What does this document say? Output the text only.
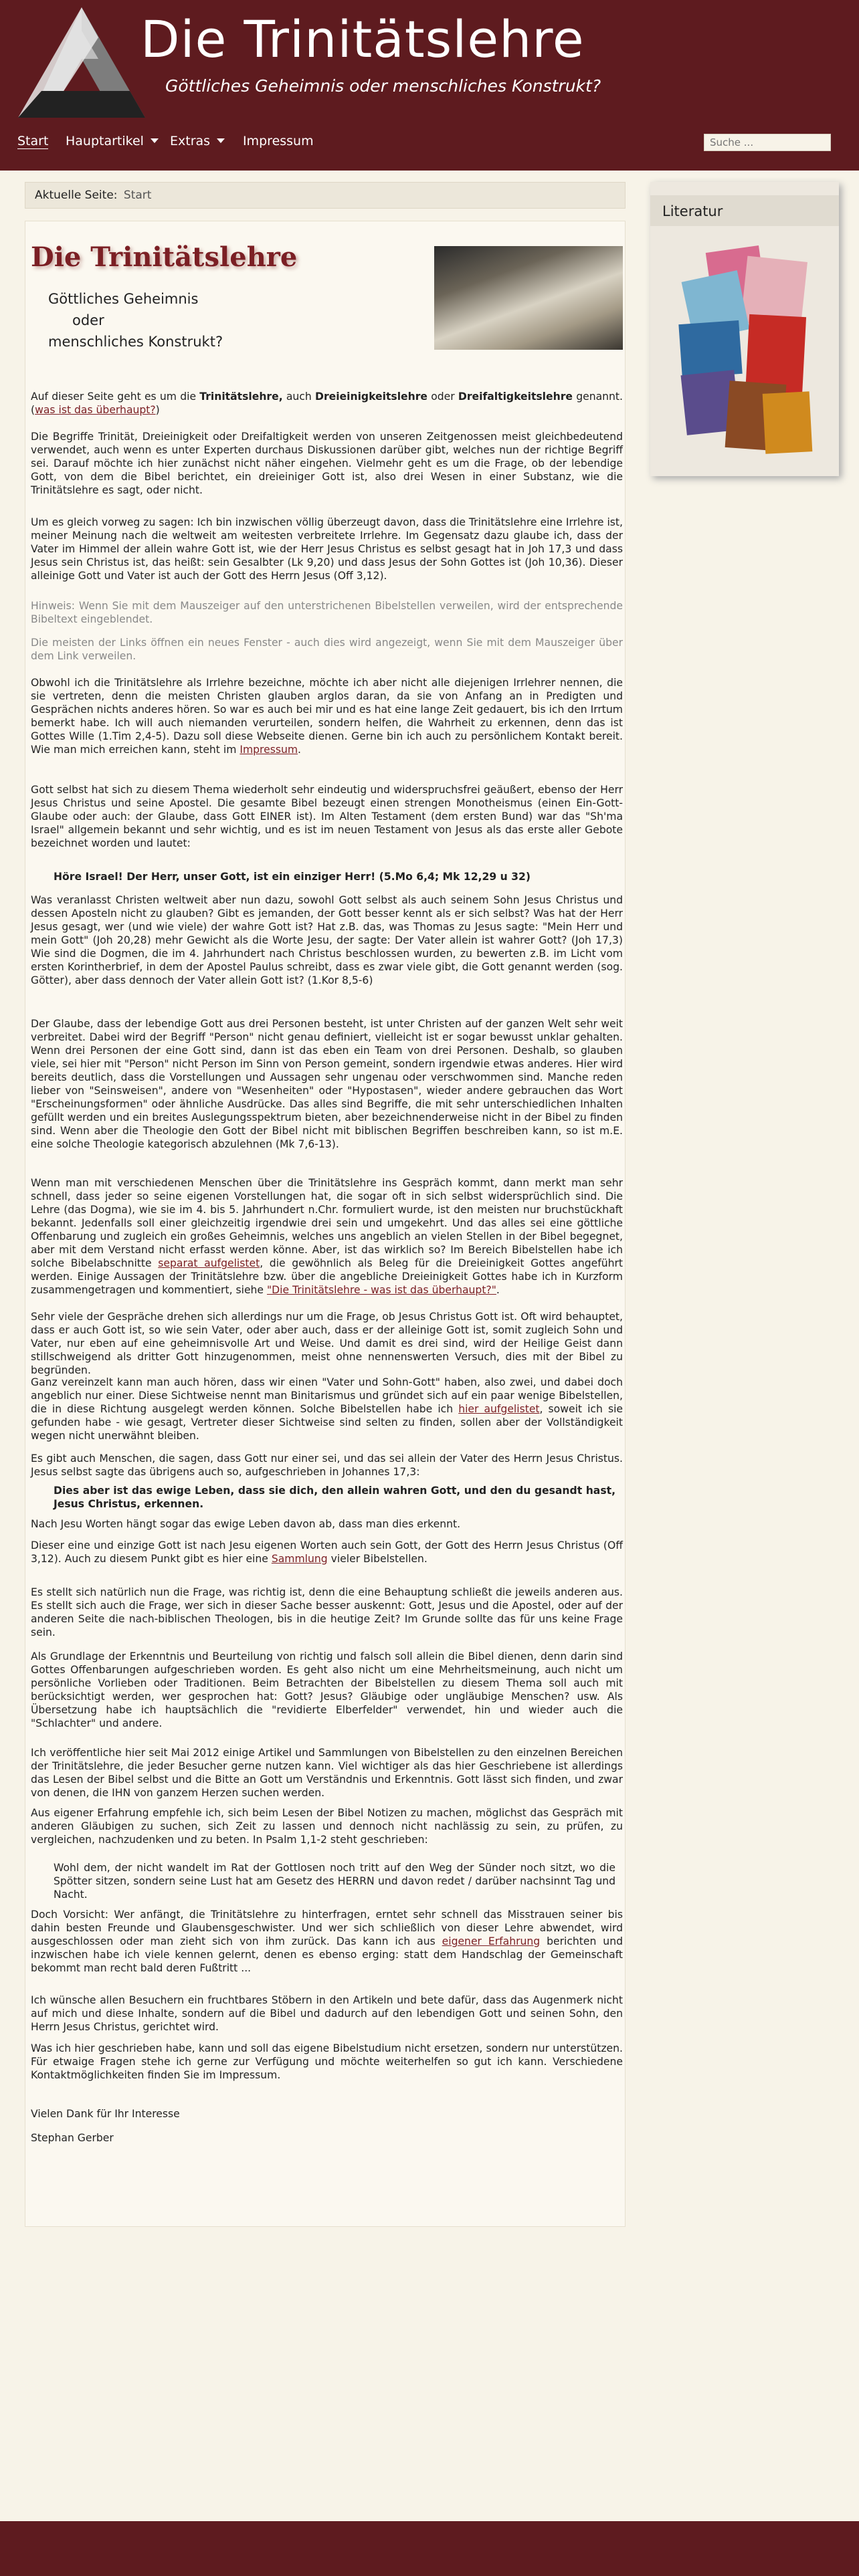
Die Trinitätslehre
Göttliches Geheimnis oder menschliches Konstrukt?
Start Hauptartikel	Extras	Impressum
Suche ...
Aktuelle Seite: Start
Die Trinitätslehre
Göttliches Geheimnis
oder
menschliches Konstrukt?

Auf dieser Seite geht es um die Trinitätslehre, auch Dreieinigkeitslehre oder Dreifaltigkeitslehre genannt. (was ist das überhaupt?)

Die Begriffe Trinität, Dreieinigkeit oder Dreifaltigkeit werden von unseren Zeitgenossen meist gleichbedeutend verwendet, auch wenn es unter Experten durchaus Diskussionen darüber gibt, welches nun der richtige Begriff sei. Darauf möchte ich hier zunächst nicht näher eingehen. Vielmehr geht es um die Frage, ob der lebendige Gott, von dem die Bibel berichtet, ein dreieiniger Gott ist, also drei Wesen in einer Substanz, wie die Trinitätslehre es sagt, oder nicht.

Um es gleich vorweg zu sagen: Ich bin inzwischen völlig überzeugt davon, dass die Trinitätslehre eine Irrlehre ist, meiner Meinung nach die weltweit am weitesten verbreitete Irrlehre. Im Gegensatz dazu glaube ich, dass der Vater im Himmel der allein wahre Gott ist, wie der Herr Jesus Christus es selbst gesagt hat in Joh 17,3 und dass Jesus sein Christus ist, das heißt: sein Gesalbter (Lk 9,20) und dass Jesus der Sohn Gottes ist (Joh 10,36). Dieser alleinige Gott und Vater ist auch der Gott des Herrn Jesus (Off 3,12).

Hinweis: Wenn Sie mit dem Mauszeiger auf den unterstrichenen Bibelstellen verweilen, wird der entsprechende Bibeltext eingeblendet.

Die meisten der Links öffnen ein neues Fenster - auch dies wird angezeigt, wenn Sie mit dem Mauszeiger über dem Link verweilen.

Obwohl ich die Trinitätslehre als Irrlehre bezeichne, möchte ich aber nicht alle diejenigen Irrlehrer nennen, die sie vertreten, denn die meisten Christen glauben arglos daran, da sie von Anfang an in Predigten und Gesprächen nichts anderes hören. So war es auch bei mir und es hat eine lange Zeit gedauert, bis ich den Irrtum bemerkt habe. Ich will auch niemanden verurteilen, sondern helfen, die Wahrheit zu erkennen, denn das ist Gottes Wille (1.Tim 2,4-5). Dazu soll diese Webseite dienen. Gerne bin ich auch zu persönlichem Kontakt bereit. Wie man mich erreichen kann, steht im Impressum.

Gott selbst hat sich zu diesem Thema wiederholt sehr eindeutig und widerspruchsfrei geäußert, ebenso der Herr Jesus Christus und seine Apostel. Die gesamte Bibel bezeugt einen strengen Monotheismus (einen Ein-Gott-Glaube oder auch: der Glaube, dass Gott EINER ist). Im Alten Testament (dem ersten Bund) war das "Sh'ma Israel" allgemein bekannt und sehr wichtig, und es ist im neuen Testament von Jesus als das erste aller Gebote bezeichnet worden und lautet:

Höre Israel! Der Herr, unser Gott, ist ein einziger Herr! (5.Mo 6,4; Mk 12,29 u 32)

Was veranlasst Christen weltweit aber nun dazu, sowohl Gott selbst als auch seinem Sohn Jesus Christus und dessen Aposteln nicht zu glauben? Gibt es jemanden, der Gott besser kennt als er sich selbst? Was hat der Herr Jesus gesagt, wer (und wie viele) der wahre Gott ist? Hat z.B. das, was Thomas zu Jesus sagte: "Mein Herr und mein Gott" (Joh 20,28) mehr Gewicht als die Worte Jesu, der sagte: Der Vater allein ist wahrer Gott? (Joh 17,3) Wie sind die Dogmen, die im 4. Jahrhundert nach Christus beschlossen wurden, zu bewerten z.B. im Licht vom ersten Korintherbrief, in dem der Apostel Paulus schreibt, dass es zwar viele gibt, die Gott genannt werden (sog. Götter), aber dass dennoch der Vater allein Gott ist? (1.Kor 8,5-6)

Der Glaube, dass der lebendige Gott aus drei Personen besteht, ist unter Christen auf der ganzen Welt sehr weit verbreitet. Dabei wird der Begriff "Person" nicht genau definiert, vielleicht ist er sogar bewusst unklar gehalten. Wenn drei Personen der eine Gott sind, dann ist das eben ein Team von drei Personen. Deshalb, so glauben viele, sei hier mit "Person" nicht Person im Sinn von Person gemeint, sondern irgendwie etwas anderes. Hier wird bereits deutlich, dass die Vorstellungen und Aussagen sehr ungenau oder verschwommen sind. Manche reden lieber von "Seinsweisen", andere von "Wesenheiten" oder "Hypostasen", wieder andere gebrauchen das Wort "Erscheinungsformen" oder ähnliche Ausdrücke. Das alles sind Begriffe, die mit sehr unterschiedlichen Inhalten gefüllt werden und ein breites Auslegungsspektrum bieten, aber bezeichnenderweise nicht in der Bibel zu finden sind. Wenn aber die Theologie den Gott der Bibel nicht mit biblischen Begriffen beschreiben kann, so ist m.E. eine solche Theologie kategorisch abzulehnen (Mk 7,6-13).

Wenn man mit verschiedenen Menschen über die Trinitätslehre ins Gespräch kommt, dann merkt man sehr schnell, dass jeder so seine eigenen Vorstellungen hat, die sogar oft in sich selbst widersprüchlich sind. Die Lehre (das Dogma), wie sie im 4. bis 5. Jahrhundert n.Chr. formuliert wurde, ist den meisten nur bruchstückhaft bekannt. Jedenfalls soll einer gleichzeitig irgendwie drei sein und umgekehrt. Und das alles sei eine göttliche Offenbarung und zugleich ein großes Geheimnis, welches uns angeblich an vielen Stellen in der Bibel begegnet, aber mit dem Verstand nicht erfasst werden könne. Aber, ist das wirklich so? Im Bereich Bibelstellen habe ich solche Bibelabschnitte separat aufgelistet, die gewöhnlich als Beleg für die Dreieinigkeit Gottes angeführt werden. Einige Aussagen der Trinitätslehre bzw. über die angebliche Dreieinigkeit Gottes habe ich in Kurzform zusammengetragen und kommentiert, siehe "Die Trinitätslehre - was ist das überhaupt?".

Sehr viele der Gespräche drehen sich allerdings nur um die Frage, ob Jesus Christus Gott ist. Oft wird behauptet, dass er auch Gott ist, so wie sein Vater, oder aber auch, dass er der alleinige Gott ist, somit zugleich Sohn und Vater, nur eben auf eine geheimnisvolle Art und Weise. Und damit es drei sind, wird der Heilige Geist dann stillschweigend als dritter Gott hinzugenommen, meist ohne nennenswerten Versuch, dies mit der Bibel zu begründen.

Ganz vereinzelt kann man auch hören, dass wir einen "Vater und Sohn-Gott" haben, also zwei, und dabei doch angeblich nur einer. Diese Sichtweise nennt man Binitarismus und gründet sich auf ein paar wenige Bibelstellen, die in diese Richtung ausgelegt werden können. Solche Bibelstellen habe ich hier aufgelistet, soweit ich sie gefunden habe - wie gesagt, Vertreter dieser Sichtweise sind selten zu finden, sollen aber der Vollständigkeit wegen nicht unerwähnt bleiben.

Es gibt auch Menschen, die sagen, dass Gott nur einer sei, und das sei allein der Vater des Herrn Jesus Christus. Jesus selbst sagte das übrigens auch so, aufgeschrieben in Johannes 17,3:

Dies aber ist das ewige Leben, dass sie dich, den allein wahren Gott, und den du gesandt hast, Jesus Christus, erkennen.

Nach Jesu Worten hängt sogar das ewige Leben davon ab, dass man dies erkennt.

Dieser eine und einzige Gott ist nach Jesu eigenen Worten auch sein Gott, der Gott des Herrn Jesus Christus (Off 3,12). Auch zu diesem Punkt gibt es hier eine Sammlung vieler Bibelstellen.

Es stellt sich natürlich nun die Frage, was richtig ist, denn die eine Behauptung schließt die jeweils anderen aus. Es stellt sich auch die Frage, wer sich in dieser Sache besser auskennt: Gott, Jesus und die Apostel, oder auf der anderen Seite die nach-biblischen Theologen, bis in die heutige Zeit? Im Grunde sollte das für uns keine Frage sein.

Als Grundlage der Erkenntnis und Beurteilung von richtig und falsch soll allein die Bibel dienen, denn darin sind Gottes Offenbarungen aufgeschrieben worden. Es geht also nicht um eine Mehrheitsmeinung, auch nicht um persönliche Vorlieben oder Traditionen. Beim Betrachten der Bibelstellen zu diesem Thema soll auch mit berücksichtigt werden, wer gesprochen hat: Gott? Jesus? Gläubige oder ungläubige Menschen? usw. Als Übersetzung habe ich hauptsächlich die "revidierte Elberfelder" verwendet, hin und wieder auch die "Schlachter" und andere.

Ich veröffentliche hier seit Mai 2012 einige Artikel und Sammlungen von Bibelstellen zu den einzelnen Bereichen der Trinitätslehre, die jeder Besucher gerne nutzen kann. Viel wichtiger als das hier Geschriebene ist allerdings das Lesen der Bibel selbst und die Bitte an Gott um Verständnis und Erkenntnis. Gott lässt sich finden, und zwar von denen, die IHN von ganzem Herzen suchen werden.

Aus eigener Erfahrung empfehle ich, sich beim Lesen der Bibel Notizen zu machen, möglichst das Gespräch mit anderen Gläubigen zu suchen, sich Zeit zu lassen und dennoch nicht nachlässig zu sein, zu prüfen, zu vergleichen, nachzudenken und zu beten. In Psalm 1,1-2 steht geschrieben:

Wohl dem, der nicht wandelt im Rat der Gottlosen noch tritt auf den Weg der Sünder noch sitzt, wo die Spötter sitzen, sondern seine Lust hat am Gesetz des HERRN und davon redet / darüber nachsinnt Tag und Nacht.

Doch Vorsicht: Wer anfängt, die Trinitätslehre zu hinterfragen, erntet sehr schnell das Misstrauen seiner bis dahin besten Freunde und Glaubensgeschwister. Und wer sich schließlich von dieser Lehre abwendet, wird ausgeschlossen oder man zieht sich von ihm zurück. Das kann ich aus eigener Erfahrung berichten und inzwischen habe ich viele kennen gelernt, denen es ebenso erging: statt dem Handschlag der Gemeinschaft bekommt man recht bald deren Fußtritt ...

Ich wünsche allen Besuchern ein fruchtbares Stöbern in den Artikeln und bete dafür, dass das Augenmerk nicht auf mich und diese Inhalte, sondern auf die Bibel und dadurch auf den lebendigen Gott und seinen Sohn, den Herrn Jesus Christus, gerichtet wird.

Was ich hier geschrieben habe, kann und soll das eigene Bibelstudium nicht ersetzen, sondern nur unterstützen. Für etwaige Fragen stehe ich gerne zur Verfügung und möchte weiterhelfen so gut ich kann. Verschiedene Kontaktmöglichkeiten finden Sie im Impressum.

Vielen Dank für Ihr Interesse

Stephan Gerber

Literatur
